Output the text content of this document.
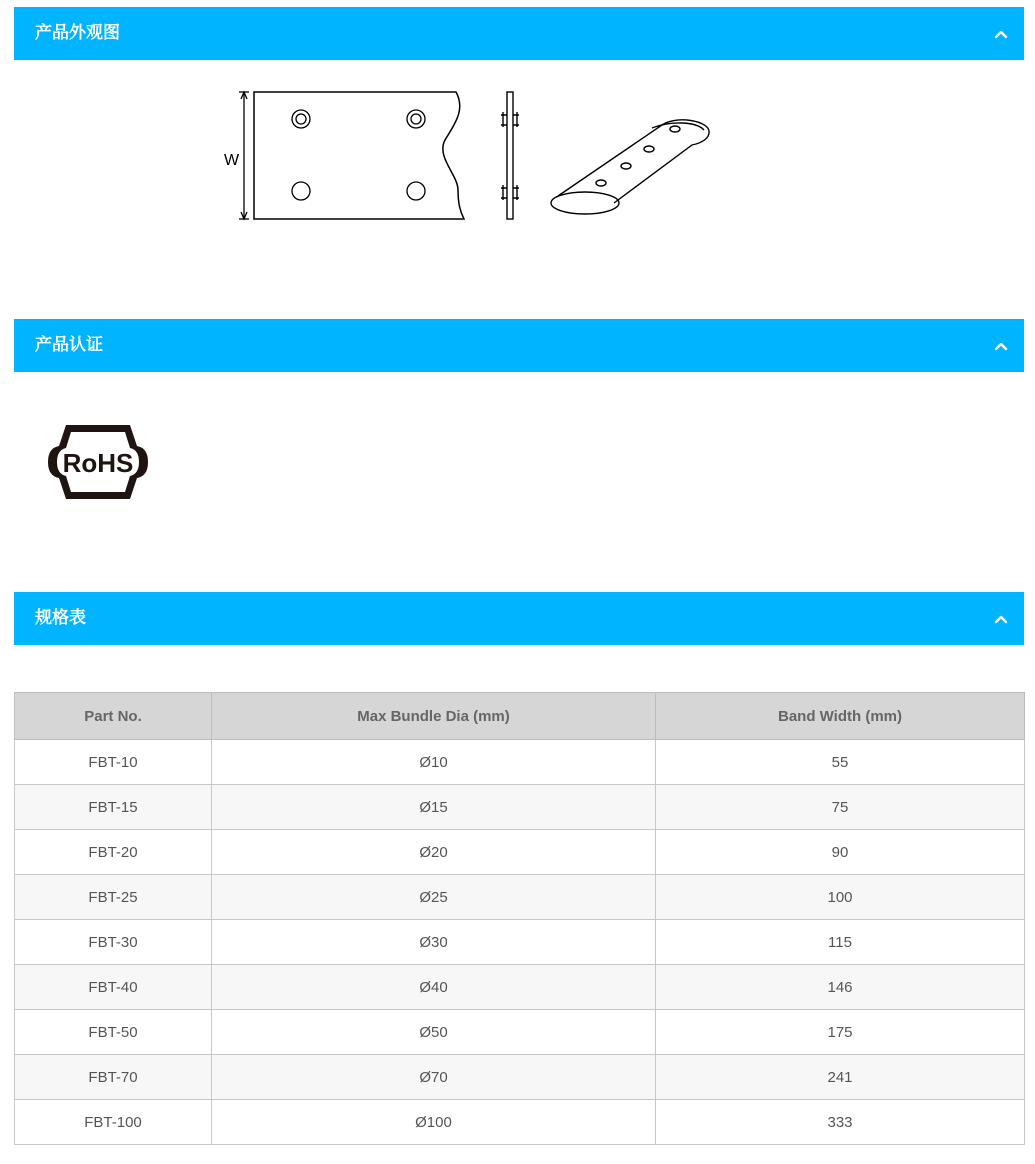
产品外观图
W
产品认证
RoHS
规格表
Part No.	Max Bundle Dia (mm)	Band Width (mm)
FBT-10	Ø10	55
FBT-15	Ø15	75
FBT-20	Ø20	90
FBT-25	Ø25	100
FBT-30	Ø30	115
FBT-40	Ø40	146
FBT-50	Ø50	175
FBT-70	Ø70	241
FBT-100	Ø100	333
